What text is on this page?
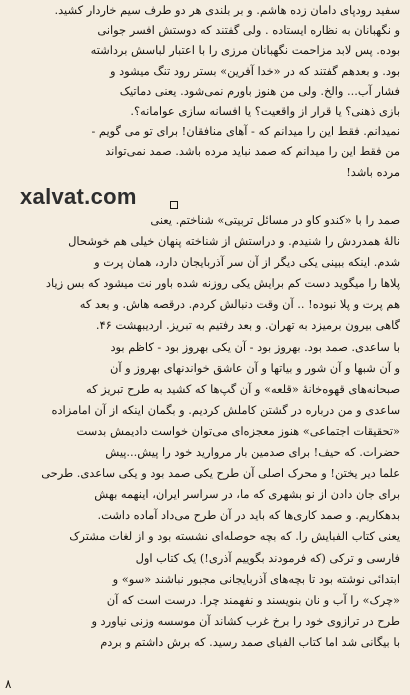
سفید رودپای دامان زده هاشم. و بر بلندی هر دو طرف سیم خاردار کشید.
و نگهبانان به نظاره ایستاده . ولی گفتند که دوستش افسر جوانی
بوده. پس لابد مزاحمت نگهبانان مرزی را با اعتبار لباسش برداشته
بود. و بعدهم گفتند که در «خدا آفرین» بستر رود تنگ میشود و
فشار آب... والخ. ولی من هنوز باورم نمی‌شود. یعنی دماتیک
بازی ذهنی؟ یا قرار از واقعیت؟ یا افسانه سازی عوامانه؟.
نمیدانم. فقط این را میدانم که - آهای منافقان! برای تو می گویم -
من فقط این را میدانم که صمد نباید مرده باشد. صمد نمی‌تواند
مرده باشد!
xalvat.com
صمد را با «کندو کاو در مسائل تربیتی» شناختم. یعنی
نالهٔ همدردش را شنیدم. و دراستش از شناخته پنهان خیلی هم خوشحال
شدم. اینکه ببینی یکی دیگر از آن سر آذربایجان دارد، همان پرت و
پلاها را میگوید دست کم برایش یکی روزنه شده باور نت میشود که بس زیاد
هم پرت و پلا نبوده! .. آن وقت دنبالش کردم. درقصه هاش. و بعد که
گاهی بیرون برمیزد به تهران. و بعد رفتیم به تبریز. اردیبهشت ۴۶.
با ساعدی. صمد بود. بهروز بود - آن یکی بهروز بود - کاظم بود
و آن شبها و آن شور و بیاتها و آن عاشق خواندنهای بهروز و آن
صبحانه‌های قهوه‌خانهٔ «قلعه» و آن گپ‌ها که کشید به طرح تبریز که
ساعدی و من درباره در گشتن کاملش کردیم. و بگمان اینکه از آن امامزاده
«تحقیقات اجتماعی» هنوز معجزه‌ای می‌توان خواست دادیمش بدست
حضرات. که حیف! برای صدمین بار مروارید خود را پیش...پیش
علما دیر یختن! و محرک اصلی آن طرح یکی صمد بود و یکی ساعدی. طرحی
برای جان دادن از نو بشهری که ما، در سراسر ایران، اینهمه بهش
بدهکاریم. و صمد کاری‌ها که باید در آن طرح می‌داد آماده داشت.
یعنی کتاب الفبایش را. که بچه حوصله‌ای نشسته بود و از لغات مشترک
فارسی و ترکی (که فرمودند بگوییم آذری!) یک کتاب اول
ابتدائی نوشته بود تا بچه‌های آذربایجانی مجبور نباشند «سو» و
«چرک» را آب و نان بنویسند و نفهمند چرا. درست است که آن
طرح در ترازوی خود را برخ غرب کشاند آن موسسه وزنی نیاورد و
با بیگانی شد اما کتاب الفبای صمد رسید. که برش داشتم و بردم
۸
